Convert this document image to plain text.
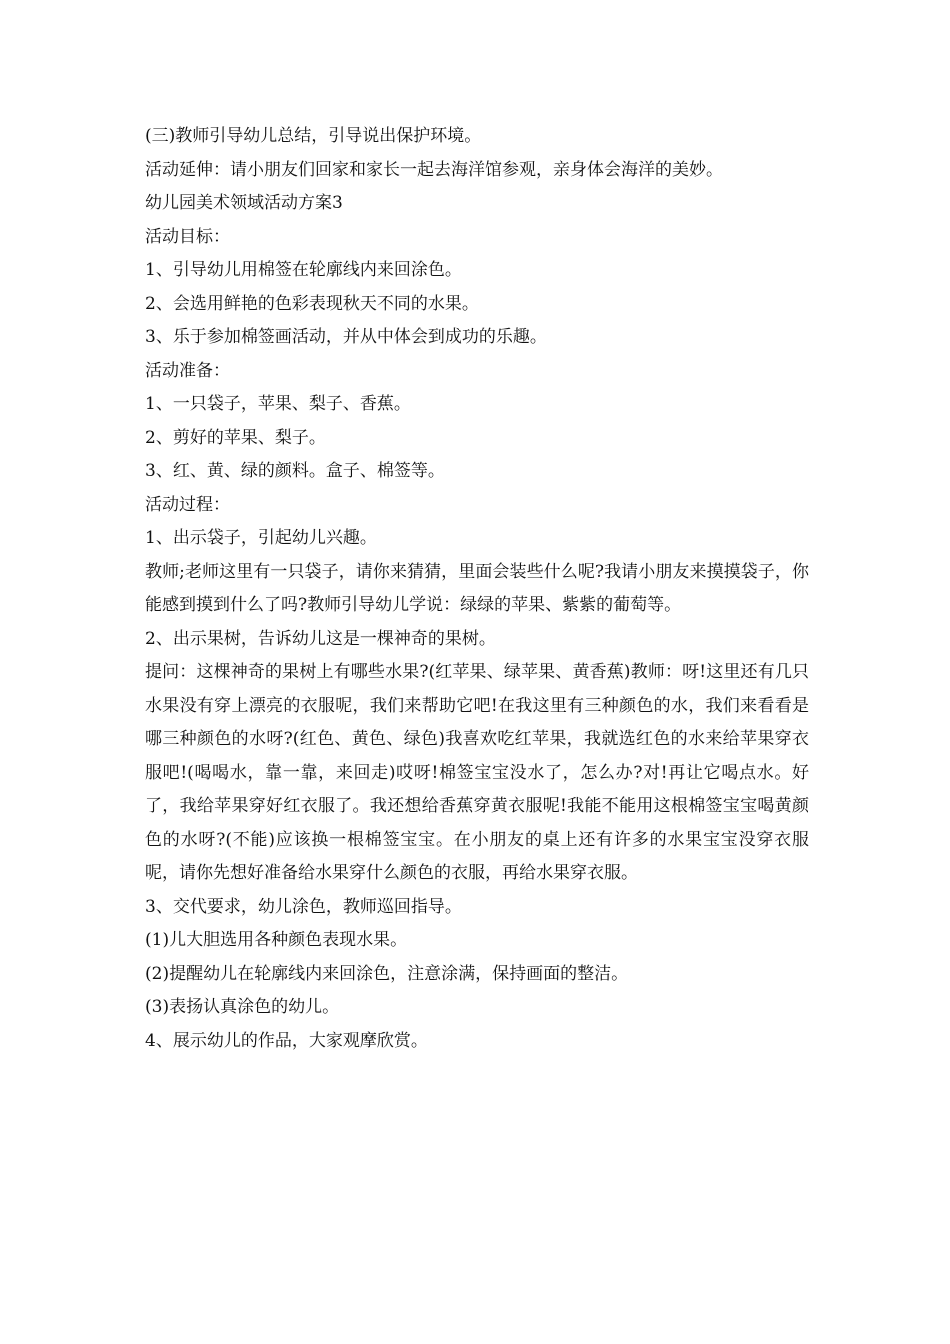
(三)教师引导幼儿总结，引导说出保护环境。

活动延伸：请小朋友们回家和家长一起去海洋馆参观，亲身体会海洋的美妙。

幼儿园美术领域活动方案3

活动目标：

1、引导幼儿用棉签在轮廓线内来回涂色。

2、会选用鲜艳的色彩表现秋天不同的水果。

3、乐于参加棉签画活动，并从中体会到成功的乐趣。

活动准备：

1、一只袋子，苹果、梨子、香蕉。

2、剪好的苹果、梨子。

3、红、黄、绿的颜料。盒子、棉签等。

活动过程：

1、出示袋子，引起幼儿兴趣。

教师;老师这里有一只袋子，请你来猜猜，里面会装些什么呢?我请小朋友来摸摸袋子，你能感到摸到什么了吗?教师引导幼儿学说：绿绿的苹果、紫紫的葡萄等。

2、出示果树，告诉幼儿这是一棵神奇的果树。

提问：这棵神奇的果树上有哪些水果?(红苹果、绿苹果、黄香蕉)教师：呀!这里还有几只水果没有穿上漂亮的衣服呢，我们来帮助它吧!在我这里有三种颜色的水，我们来看看是哪三种颜色的水呀?(红色、黄色、绿色)我喜欢吃红苹果，我就选红色的水来给苹果穿衣服吧!(喝喝水，靠一靠，来回走)哎呀!棉签宝宝没水了，怎么办?对!再让它喝点水。好了，我给苹果穿好红衣服了。我还想给香蕉穿黄衣服呢!我能不能用这根棉签宝宝喝黄颜色的水呀?(不能)应该换一根棉签宝宝。在小朋友的桌上还有许多的水果宝宝没穿衣服呢，请你先想好准备给水果穿什么颜色的衣服，再给水果穿衣服。

3、交代要求，幼儿涂色，教师巡回指导。

(1)儿大胆选用各种颜色表现水果。

(2)提醒幼儿在轮廓线内来回涂色，注意涂满，保持画面的整洁。

(3)表扬认真涂色的幼儿。

4、展示幼儿的作品，大家观摩欣赏。
